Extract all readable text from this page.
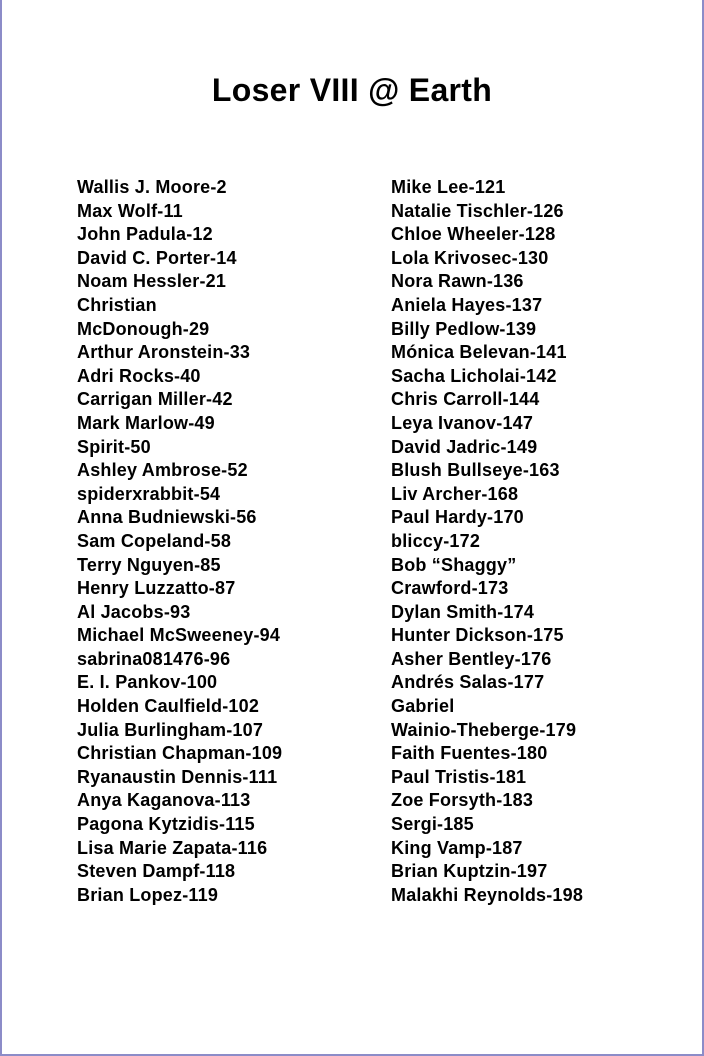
Loser VIII @ Earth
Wallis J. Moore-2
Max Wolf-11
John Padula-12
David C. Porter-14
Noam Hessler-21
Christian
McDonough-29
Arthur Aronstein-33
Adri Rocks-40
Carrigan Miller-42
Mark Marlow-49
Spirit-50
Ashley Ambrose-52
spiderxrabbit-54
Anna Budniewski-56
Sam Copeland-58
Terry Nguyen-85
Henry Luzzatto-87
Al Jacobs-93
Michael McSweeney-94
sabrina081476-96
E. I. Pankov-100
Holden Caulfield-102
Julia Burlingham-107
Christian Chapman-109
Ryanaustin Dennis-111
Anya Kaganova-113
Pagona Kytzidis-115
Lisa Marie Zapata-116
Steven Dampf-118
Brian Lopez-119
Mike Lee-121
Natalie Tischler-126
Chloe Wheeler-128
Lola Krivosec-130
Nora Rawn-136
Aniela Hayes-137
Billy Pedlow-139
Mónica Belevan-141
Sacha Licholai-142
Chris Carroll-144
Leya Ivanov-147
David Jadric-149
Blush Bullseye-163
Liv Archer-168
Paul Hardy-170
bliccy-172
Bob “Shaggy”
Crawford-173
Dylan Smith-174
Hunter Dickson-175
Asher Bentley-176
Andrés Salas-177
Gabriel
Wainio-Theberge-179
Faith Fuentes-180
Paul Tristis-181
Zoe Forsyth-183
Sergi-185
King Vamp-187
Brian Kuptzin-197
Malakhi Reynolds-198
